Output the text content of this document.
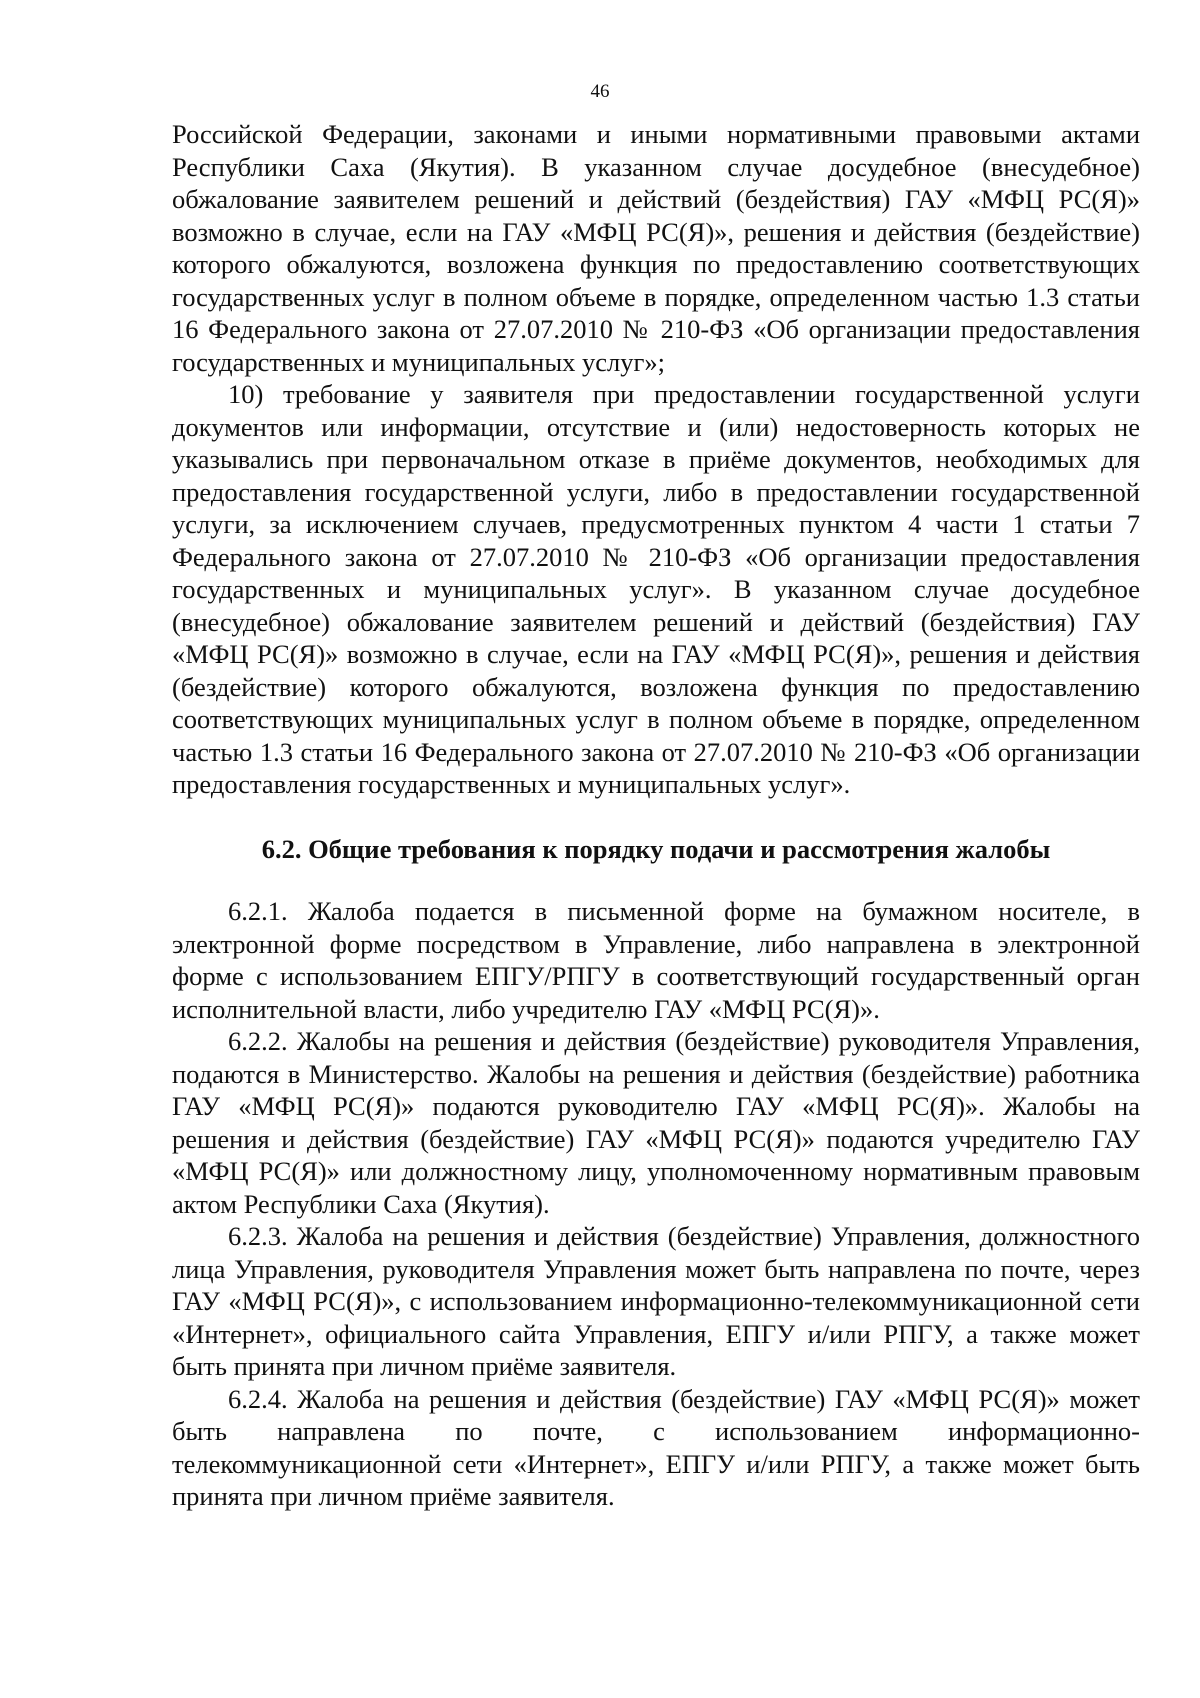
46

Российской Федерации, законами и иными нормативными правовыми актами Республики Саха (Якутия). В указанном случае досудебное (внесудебное) обжалование заявителем решений и действий (бездействия) ГАУ «МФЦ РС(Я)» возможно в случае, если на ГАУ «МФЦ РС(Я)», решения и действия (бездействие) которого обжалуются, возложена функция по предоставлению соответствующих государственных услуг в полном объеме в порядке, определенном частью 1.3 статьи 16 Федерального закона от 27.07.2010 № 210-ФЗ «Об организации предоставления государственных и муниципальных услуг»;

10) требование у заявителя при предоставлении государственной услуги документов или информации, отсутствие и (или) недостоверность которых не указывались при первоначальном отказе в приёме документов, необходимых для предоставления государственной услуги, либо в предоставлении государственной услуги, за исключением случаев, предусмотренных пунктом 4 части 1 статьи 7 Федерального закона от 27.07.2010 № 210-ФЗ «Об организации предоставления государственных и муниципальных услуг». В указанном случае досудебное (внесудебное) обжалование заявителем решений и действий (бездействия) ГАУ «МФЦ РС(Я)» возможно в случае, если на ГАУ «МФЦ РС(Я)», решения и действия (бездействие) которого обжалуются, возложена функция по предоставлению соответствующих муниципальных услуг в полном объеме в порядке, определенном частью 1.3 статьи 16 Федерального закона от 27.07.2010 № 210-ФЗ «Об организации предоставления государственных и муниципальных услуг».

6.2. Общие требования к порядку подачи и рассмотрения жалобы

6.2.1. Жалоба подается в письменной форме на бумажном носителе, в электронной форме посредством в Управление, либо направлена в электронной форме с использованием ЕПГУ/РПГУ в соответствующий государственный орган исполнительной власти, либо учредителю ГАУ «МФЦ РС(Я)».

6.2.2. Жалобы на решения и действия (бездействие) руководителя Управления, подаются в Министерство. Жалобы на решения и действия (бездействие) работника ГАУ «МФЦ РС(Я)» подаются руководителю ГАУ «МФЦ РС(Я)». Жалобы на решения и действия (бездействие) ГАУ «МФЦ РС(Я)» подаются учредителю ГАУ «МФЦ РС(Я)» или должностному лицу, уполномоченному нормативным правовым актом Республики Саха (Якутия).

6.2.3. Жалоба на решения и действия (бездействие) Управления, должностного лица Управления, руководителя Управления может быть направлена по почте, через ГАУ «МФЦ РС(Я)», с использованием информационно-телекоммуникационной сети «Интернет», официального сайта Управления, ЕПГУ и/или РПГУ, а также может быть принята при личном приёме заявителя.

6.2.4. Жалоба на решения и действия (бездействие) ГАУ «МФЦ РС(Я)» может быть направлена по почте, с использованием информационно-телекоммуникационной сети «Интернет», ЕПГУ и/или РПГУ, а также может быть принята при личном приёме заявителя.
